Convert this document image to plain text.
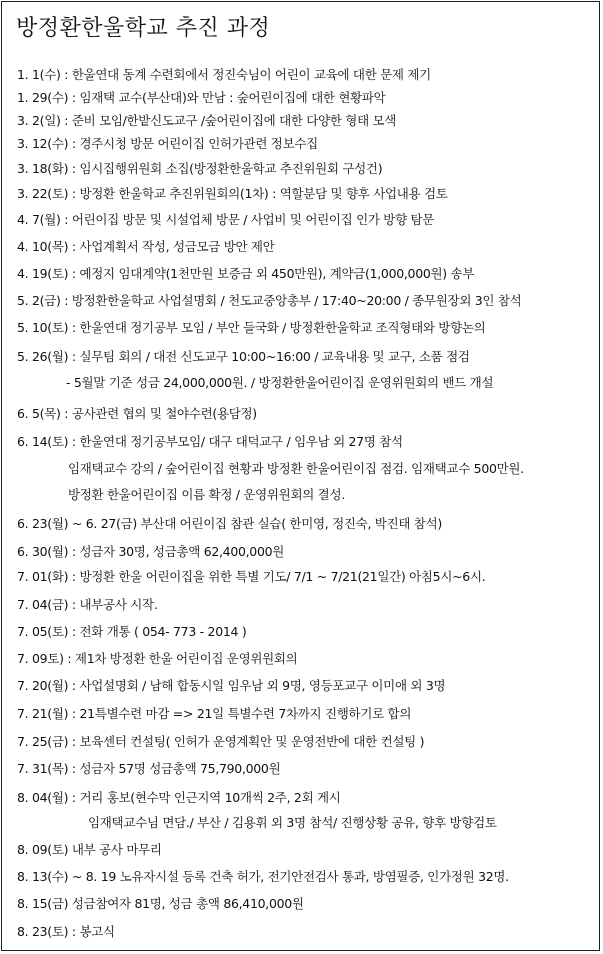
방정환한울학교 추진 과정
1. 1(수) : 한울연대 동계 수련회에서 정진숙님이 어린이 교육에 대한 문제 제기
1. 29(수) : 임재택 교수(부산대)와 만남 : 숲어린이집에 대한 현황파악
3. 2(일) : 준비 모임/한밭신도교구 /숲어린이집에 대한 다양한 형태 모색
3. 12(수) : 경주시청 방문 어린이집 인허가관련 정보수집
3. 18(화) : 임시집행위원회 소집(방정환한울학교 추진위원회 구성건)
3. 22(토) : 방정환 한울학교 추진위원회의(1차) : 역할분담 및 향후 사업내용 검토
4. 7(월) : 어린이집 방문 및 시설업체 방문 / 사업비 및 어린이집 인가 방향 탐문
4. 10(목) : 사업계획서 작성, 성금모금 방안 제안
4. 19(토) : 예정지 임대계약(1천만원 보증금 외 450만원), 계약금(1,000,000원) 송부
5. 2(금) : 방정환한울학교 사업설명회 / 천도교중앙총부 / 17:40~20:00 / 종무원장외 3인 참석
5. 10(토) : 한울연대 정기공부 모임 / 부안 들국화 / 방정환한울학교 조직형태와 방향논의
5. 26(월) : 실무팀 회의 / 대전 신도교구 10:00~16:00 / 교육내용 및 교구, 소품 점검
- 5월말 기준 성금 24,000,000원. / 방정환한울어린이집 운영위원회의 밴드 개설
6. 5(목) : 공사관련 협의 및 철야수련(용담정)
6. 14(토) : 한울연대 정기공부모임/ 대구 대덕교구 / 임우남 외 27명 참석
임재택교수 강의 / 숲어린이집 현황과 방정환 한울어린이집 점검. 임재택교수 500만원.
방정환 한울어린이집 이름 확정 / 운영위원회의 결성.
6. 23(월) ~ 6. 27(금) 부산대 어린이집 참관 실습( 한미영, 정진숙, 박진태 참석)
6. 30(월) : 성금자 30명, 성금총액 62,400,000원
7. 01(화) : 방정환 한울 어린이집을 위한 특별 기도/ 7/1 ~ 7/21(21일간) 아침5시~6시.
7. 04(금) : 내부공사 시작.
7. 05(토) : 전화 개통 ( 054- 773 - 2014 )
7. 09토) : 제1차 방정환 한울 어린이집 운영위원회의
7. 20(월) : 사업설명회 / 남해 합동시일 임우남 외 9명, 영등포교구 이미애 외 3명
7. 21(월) : 21특별수련 마감 => 21일 특별수련 7차까지 진행하기로 합의
7. 25(금) : 보육센터 컨설팅( 인허가 운영계획안 및 운영전반에 대한 컨설팅 )
7. 31(목) : 성금자 57명 성금총액 75,790,000원
8. 04(월) : 거리 홍보(현수막 인근지역 10개씩 2주, 2회 게시
임재택교수님 면담./ 부산 / 김용휘 외 3명 참석/ 진행상황 공유, 향후 방향검토
8. 09(토) 내부 공사 마무리
8. 13(수) ~ 8. 19 노유자시설 등록 건축 허가, 전기안전검사 통과, 방염필증, 인가정원 32명.
8. 15(금) 성금참여자 81명, 성금 총액 86,410,000원
8. 23(토) : 봉고식
